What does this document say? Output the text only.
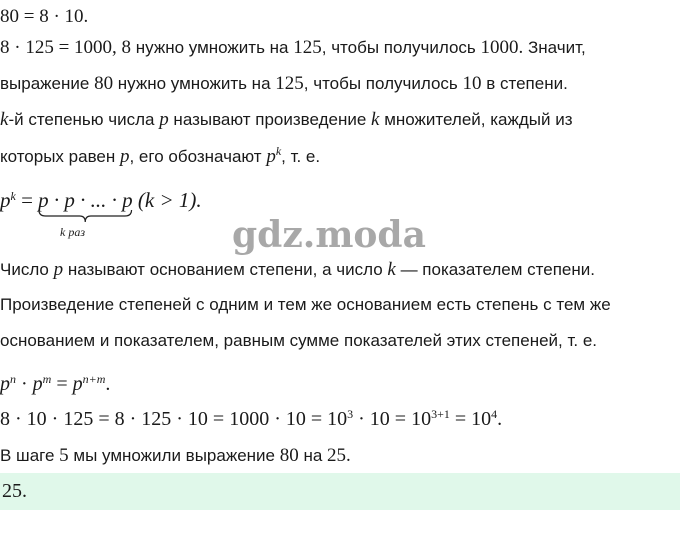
80 = 8 · 10.
8 · 125 = 1000, 8 нужно умножить на 125, чтобы получилось 1000. Значит,
выражение 80 нужно умножить на 125, чтобы получилось 10 в степени.
k-й степенью числа p называют произведение k множителей, каждый из
которых равен p, его обозначают $p^k$, т. е.
$p^k = p \cdot p$ · ... · p
(k > 1).
k раз	gdz.moda
Число p называют основанием степени, а число k — показателем степени.
Произведение степеней с одним и тем же основанием есть степень с тем же
основанием и показателем, равным сумме показателей этих степеней, т. е.
$p^n \cdot p^m = p^{n+m}$.
$8 \cdot 10 \cdot 125 = 8 \cdot 125 \cdot 10 = 1000 \cdot 10 = 10^3 \cdot 10 = 10^{3+1} = 10^4$.
В шаге 5 мы умножили выражение 80 на 25.
25.
